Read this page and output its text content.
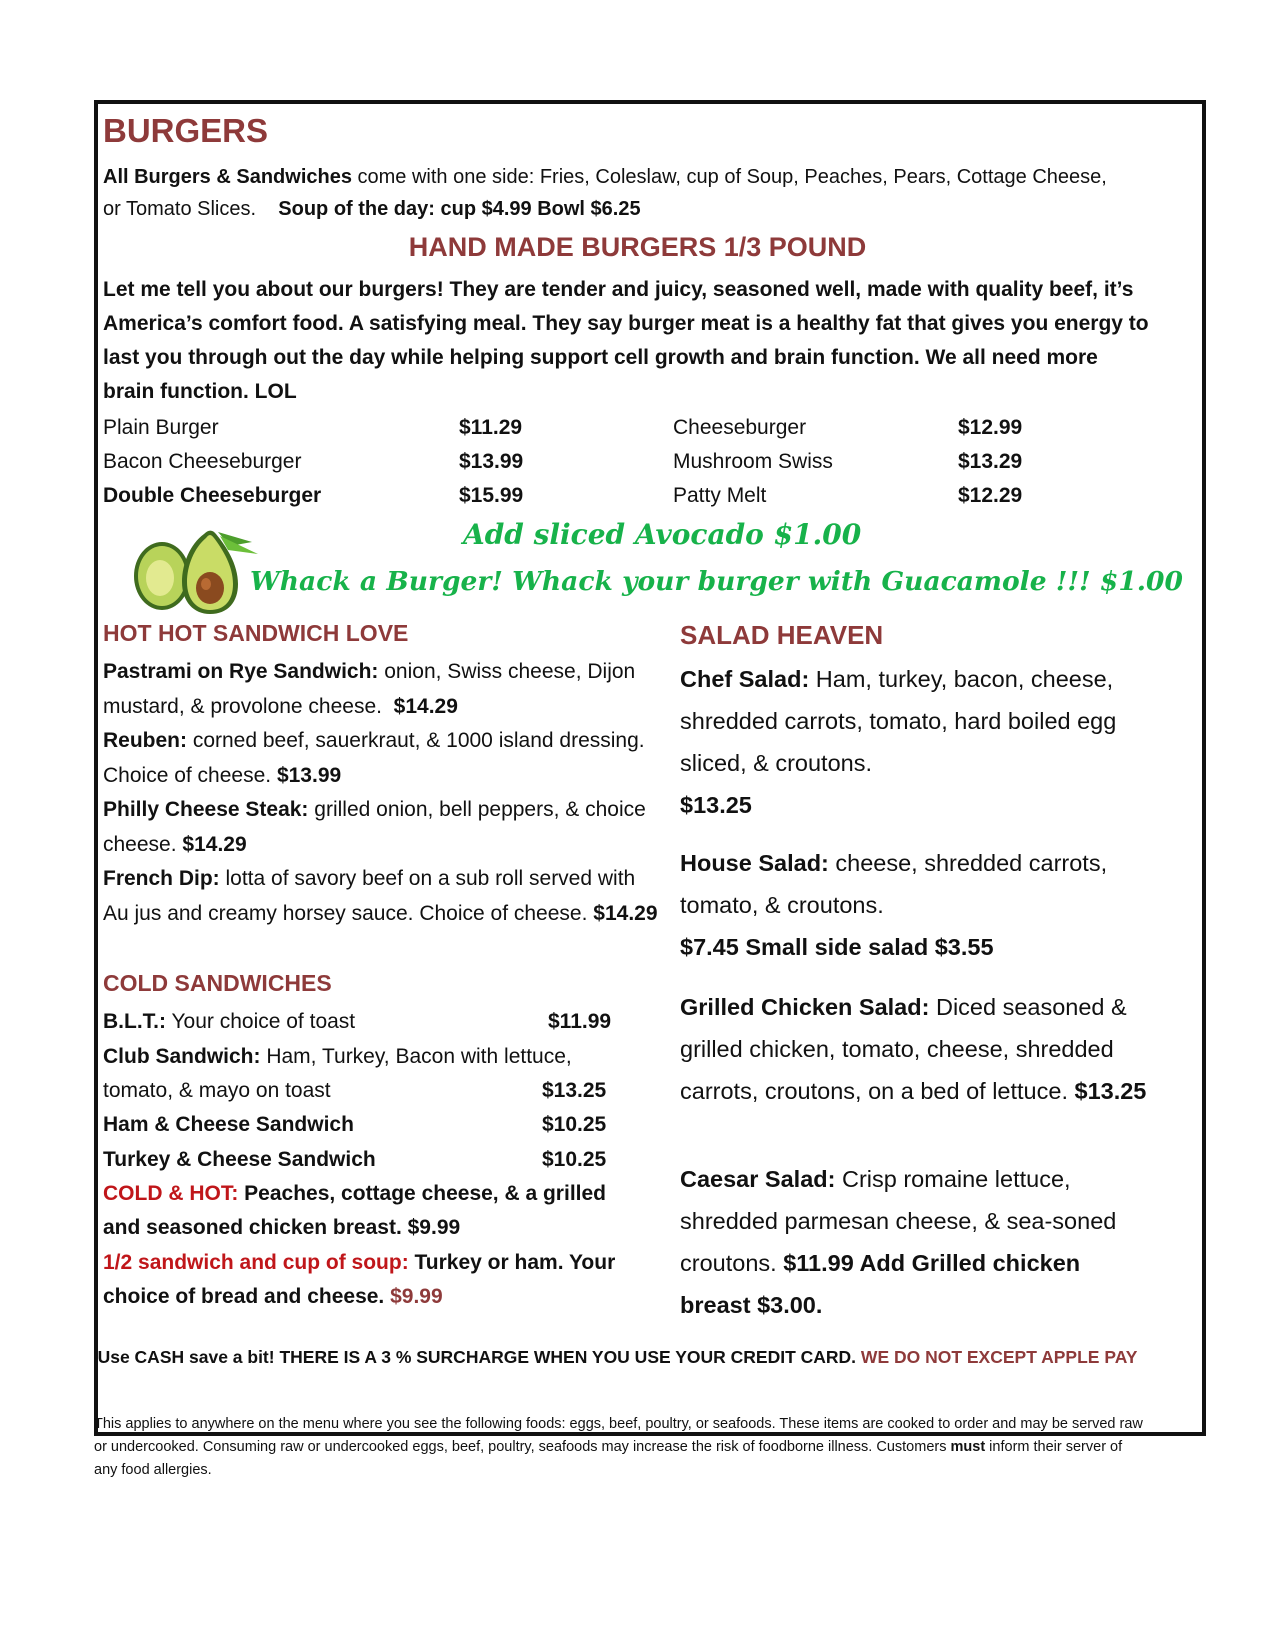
BURGERS
All Burgers & Sandwiches come with one side: Fries, Coleslaw, cup of Soup, Peaches, Pears, Cottage Cheese,
or Tomato Slices. Soup of the day: cup $4.99 Bowl $6.25
HAND MADE BURGERS 1/3 POUND
Let me tell you about our burgers! They are tender and juicy, seasoned well, made with quality beef, it’s
America’s comfort food. A satisfying meal. They say burger meat is a healthy fat that gives you energy to
last you through out the day while helping support cell growth and brain function. We all need more
brain function. LOL
Plain Burger	$11.29	Cheeseburger	$12.99
Bacon Cheeseburger	$13.99	Mushroom Swiss	$13.29
Double Cheeseburger	$15.99	Patty Melt	$12.29
Add sliced Avocado $1.00
Whack a Burger! Whack your burger with Guacamole !!! $1.00
HOT HOT SANDWICH LOVE
Pastrami on Rye Sandwich: onion, Swiss cheese, Dijon mustard, & provolone cheese. $14.29
Reuben: corned beef, sauerkraut, & 1000 island dressing. Choice of cheese. $13.99
Philly Cheese Steak: grilled onion, bell peppers, & choice cheese. $14.29
French Dip: lotta of savory beef on a sub roll served with Au jus and creamy horsey sauce. Choice of cheese. $14.29
COLD SANDWICHES
B.L.T.: Your choice of toast	$11.99
Club Sandwich: Ham, Turkey, Bacon with lettuce,
tomato, & mayo on toast	$13.25
Ham & Cheese Sandwich	$10.25
Turkey & Cheese Sandwich	$10.25
COLD & HOT: Peaches, cottage cheese, & a grilled
and seasoned chicken breast. $9.99
1/2 sandwich and cup of soup: Turkey or ham. Your
choice of bread and cheese. $9.99
SALAD HEAVEN
Chef Salad: Ham, turkey, bacon, cheese, shredded carrots, tomato, hard boiled egg sliced, & croutons.
$13.25
House Salad: cheese, shredded carrots, tomato, & croutons.
$7.45 Small side salad $3.55
Grilled Chicken Salad: Diced seasoned & grilled chicken, tomato, cheese, shredded carrots, croutons, on a bed of lettuce. $13.25
Caesar Salad: Crisp romaine lettuce, shredded parmesan cheese, & sea-soned croutons. $11.99 Add Grilled chicken breast $3.00.
Use CASH save a bit! THERE IS A 3 % SURCHARGE WHEN YOU USE YOUR CREDIT CARD. WE DO NOT EXCEPT APPLE PAY
This applies to anywhere on the menu where you see the following foods: eggs, beef, poultry, or seafoods. These items are cooked to order and may be served raw or undercooked. Consuming raw or undercooked eggs, beef, poultry, seafoods may increase the risk of foodborne illness. Customers must inform their server of any food allergies.
